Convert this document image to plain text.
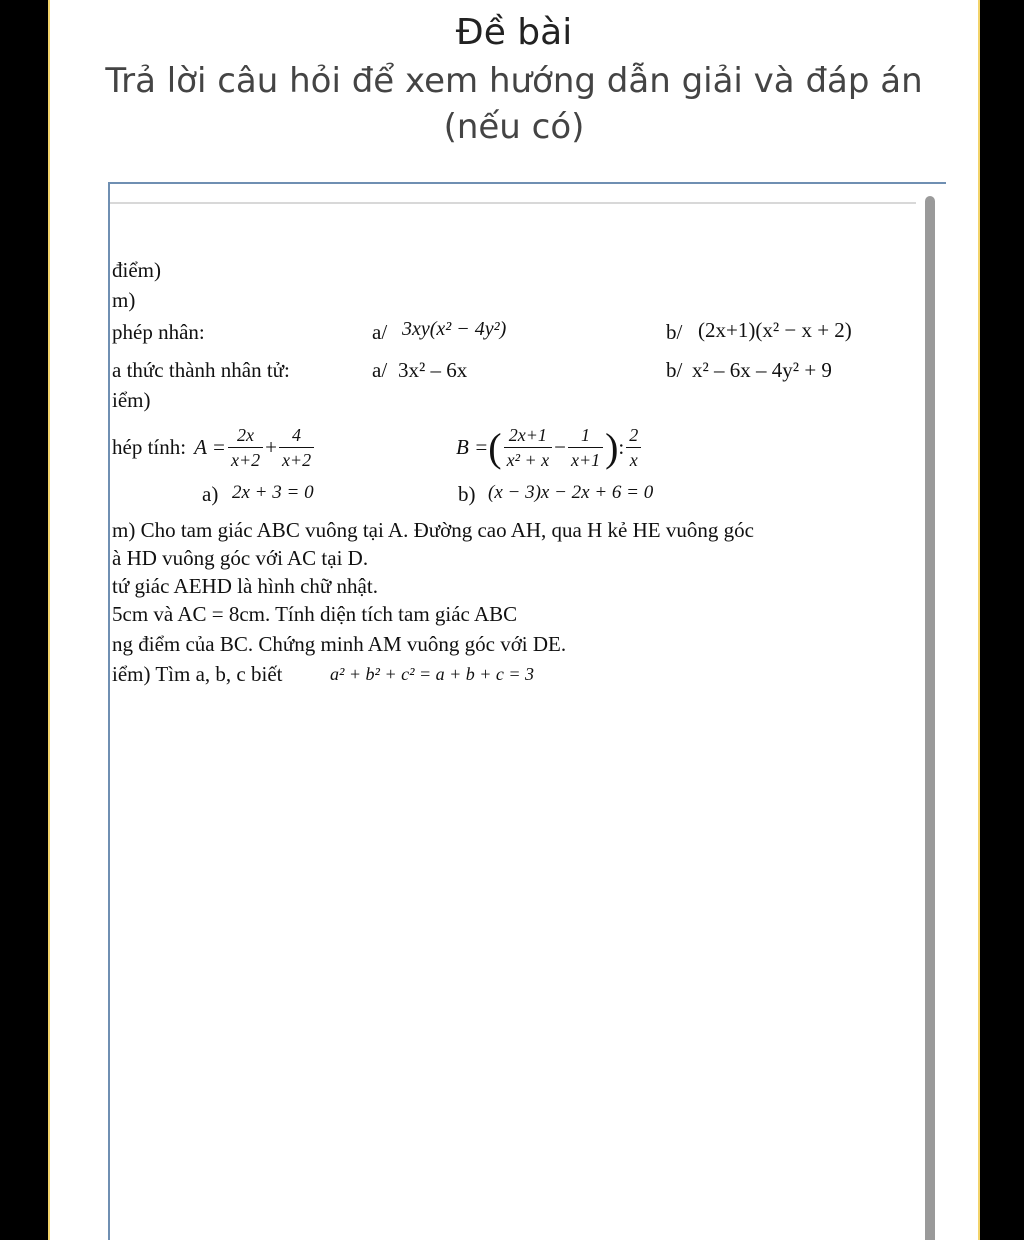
Đề bài
Trả lời câu hỏi để xem hướng dẫn giải và đáp án (nếu có)
điểm)
m)
phép nhân:	a/ 3xy(x² − 4y²)	b/ (2x+1)(x² − x + 2)
a thức thành nhân tử:	a/ 3x² – 6x	b/ x² – 6x – 4y² + 9
iểm)
hép tính: $A = \frac{2x}{x+2} + \frac{4}{x+2}$	B = ( $\frac{2x+1}{\text{x² + x}} - \frac{1}{x+1}$ ) : $\frac{2}{x}$
a) 2x + 3 = 0	b) (x − 3)x − 2x + 6 = 0
m) Cho tam giác ABC vuông tại A. Đường cao AH, qua H kẻ HE vuông góc
à HD vuông góc với AC tại D.
tứ giác AEHD là hình chữ nhật.
5cm và AC = 8cm. Tính diện tích tam giác ABC
ng điểm của BC. Chứng minh AM vuông góc với DE.
iểm) Tìm a, b, c biết	a² + b² + c² = a + b + c = 3
